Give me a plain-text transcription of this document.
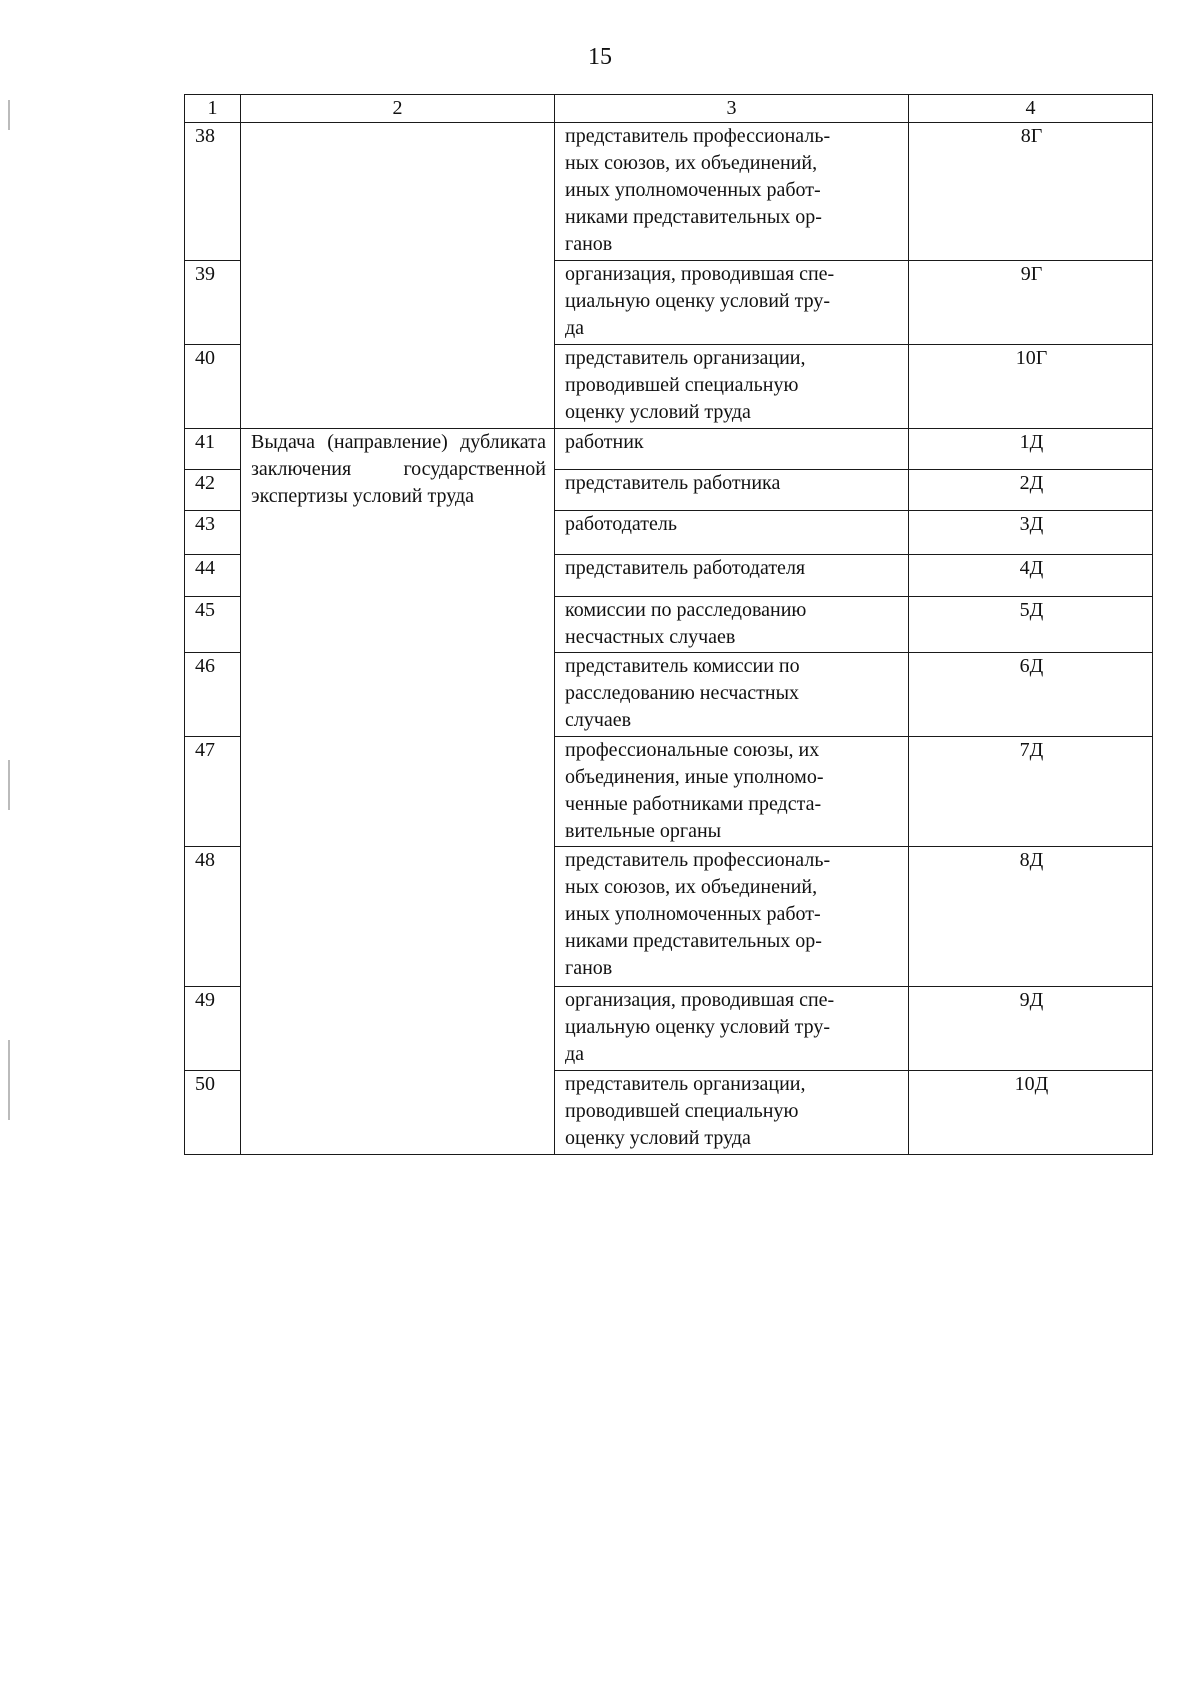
15
1	2	3	4
38		представитель профессиональ-
ных союзов, их объединений,
иных уполномоченных работ-
никами представительных ор-
ганов	8Г
39		организация, проводившая спе-
циальную оценку условий тру-
да	9Г
40		представитель организации,
проводившей специальную
оценку условий труда	10Г
41	Выдача (направление) дубликата заключения государственной экспертизы условий труда	работник	1Д
42		представитель работника	2Д
43		работодатель	3Д
44		представитель работодателя	4Д
45		комиссии по расследованию
несчастных случаев	5Д
46		представитель комиссии по
расследованию несчастных
случаев	6Д
47		профессиональные союзы, их
объединения, иные уполномо-
ченные работниками предста-
вительные органы	7Д
48		представитель профессиональ-
ных союзов, их объединений,
иных уполномоченных работ-
никами представительных ор-
ганов	8Д
49		организация, проводившая спе-
циальную оценку условий тру-
да	9Д
50		представитель организации,
проводившей специальную
оценку условий труда	10Д
